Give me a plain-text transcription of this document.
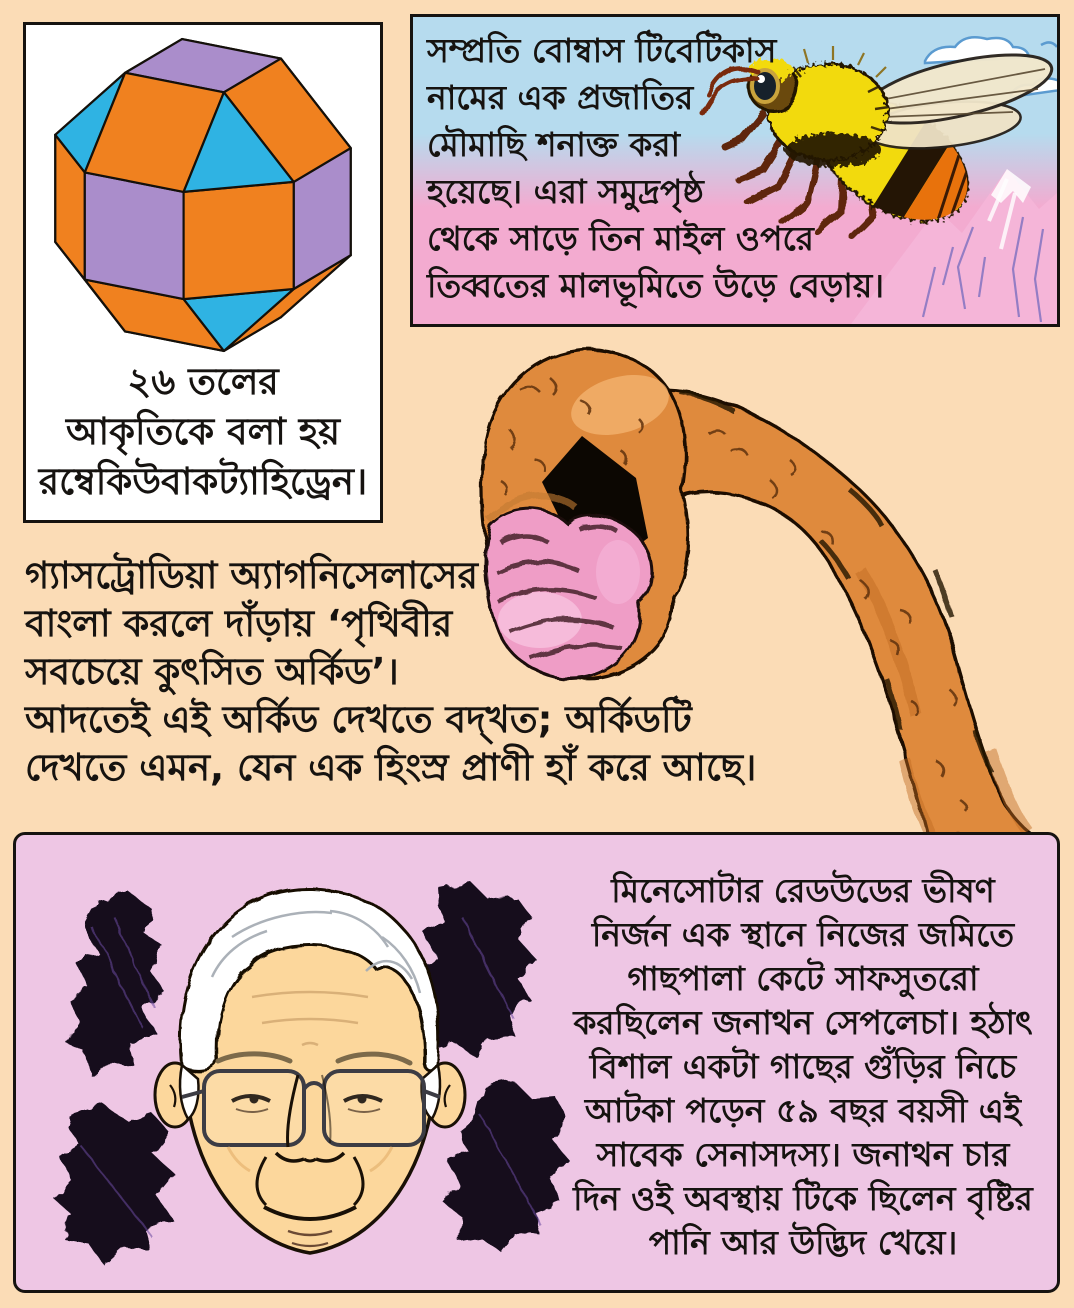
২৬ তলের
আকৃতিকে বলা হয়
রম্বেকিউবাকট্যাহিড্রেন।
সম্প্রতি বোম্বাস টিবেটিকাস
নামের এক প্রজাতির
মৌমাছি শনাক্ত করা
হয়েছে। এরা সমুদ্রপৃষ্ঠ
থেকে সাড়ে তিন মাইল ওপরে
তিব্বতের মালভূমিতে উড়ে বেড়ায়।
গ্যাসট্রোডিয়া অ্যাগনিসেলাসের
বাংলা করলে দাঁড়ায় ‘পৃথিবীর
সবচেয়ে কুৎসিত অর্কিড’।
আদতেই এই অর্কিড দেখতে বদ্‌খত; অর্কিডটি
দেখতে এমন, যেন এক হিংস্র প্রাণী হাঁ করে আছে।
মিনেসোটার রেডউডের ভীষণ
নির্জন এক স্থানে নিজের জমিতে
গাছপালা কেটে সাফসুতরো
করছিলেন জনাথন সেপলেচা। হঠাৎ
বিশাল একটা গাছের গুঁড়ির নিচে
আটকা পড়েন ৫৯ বছর বয়সী এই
সাবেক সেনাসদস্য। জনাথন চার
দিন ওই অবস্থায় টিকে ছিলেন বৃষ্টির
পানি আর উদ্ভিদ খেয়ে।
